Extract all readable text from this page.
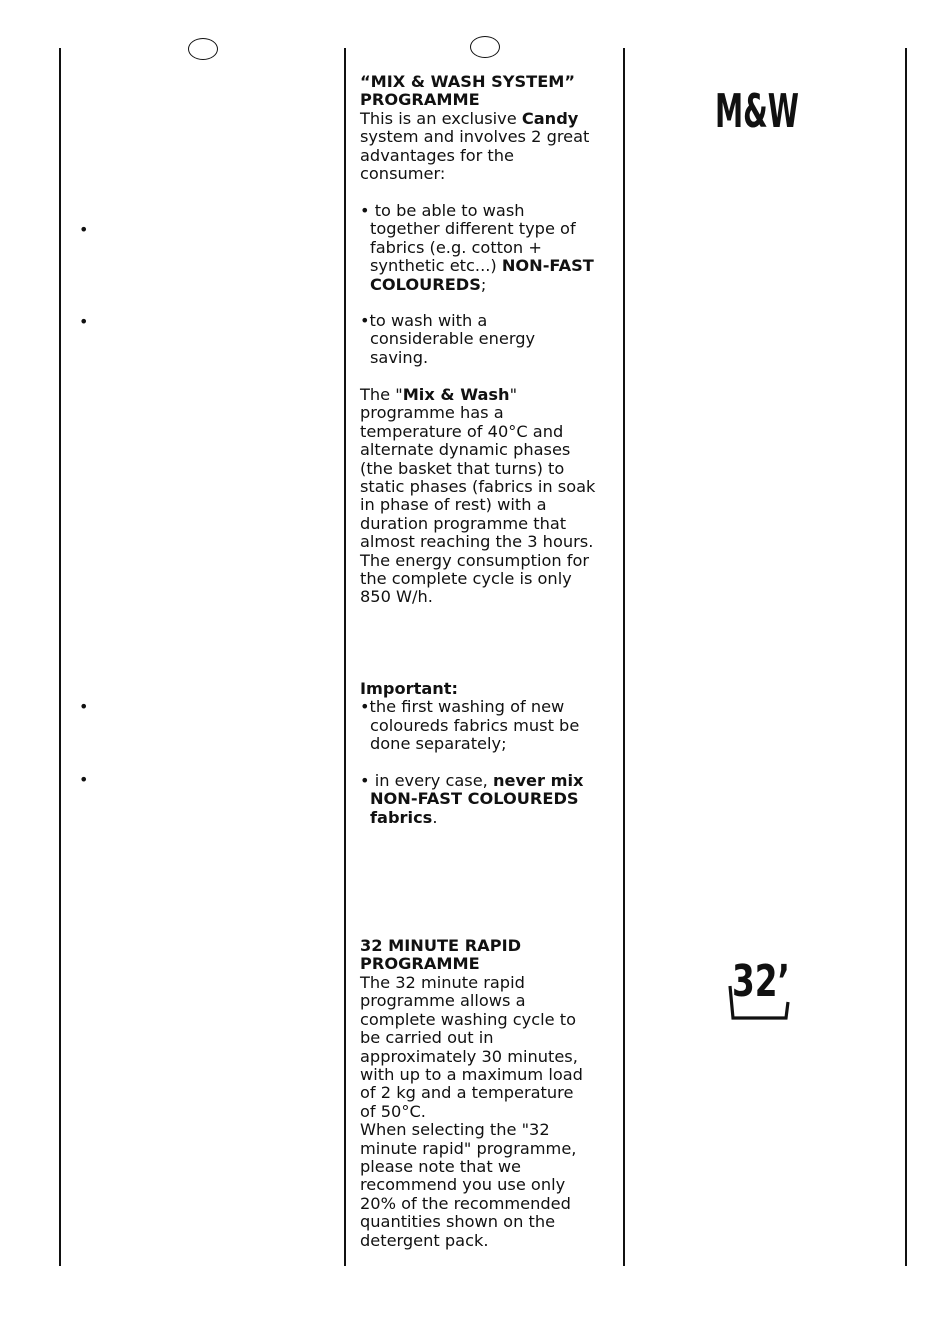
•
•
•
•
“MIX & WASH SYSTEM”
PROGRAMME
This is an exclusive Candy
system and involves 2 great
advantages for the
consumer:
• to be able to wash
together different type of
fabrics (e.g. cotton +
synthetic etc...) NON-FAST
COLOUREDS;
•to wash with a
considerable energy
saving.
The "Mix & Wash"
programme has a
temperature of 40°C and
alternate dynamic phases
(the basket that turns) to
static phases (fabrics in soak
in phase of rest) with a
duration programme that
almost reaching the 3 hours.
The energy consumption for
the complete cycle is only
850 W/h.
Important:
•the first washing of new
coloureds fabrics must be
done separately;
• in every case, never mix
NON-FAST COLOUREDS
fabrics.
32 MINUTE RAPID
PROGRAMME
The 32 minute rapid
programme allows a
complete washing cycle to
be carried out in
approximately 30 minutes,
with up to a maximum load
of 2 kg and a temperature
of 50°C.
When selecting the "32
minute rapid" programme,
please note that we
recommend you use only
20% of the recommended
quantities shown on the
detergent pack.
M&W
32’
